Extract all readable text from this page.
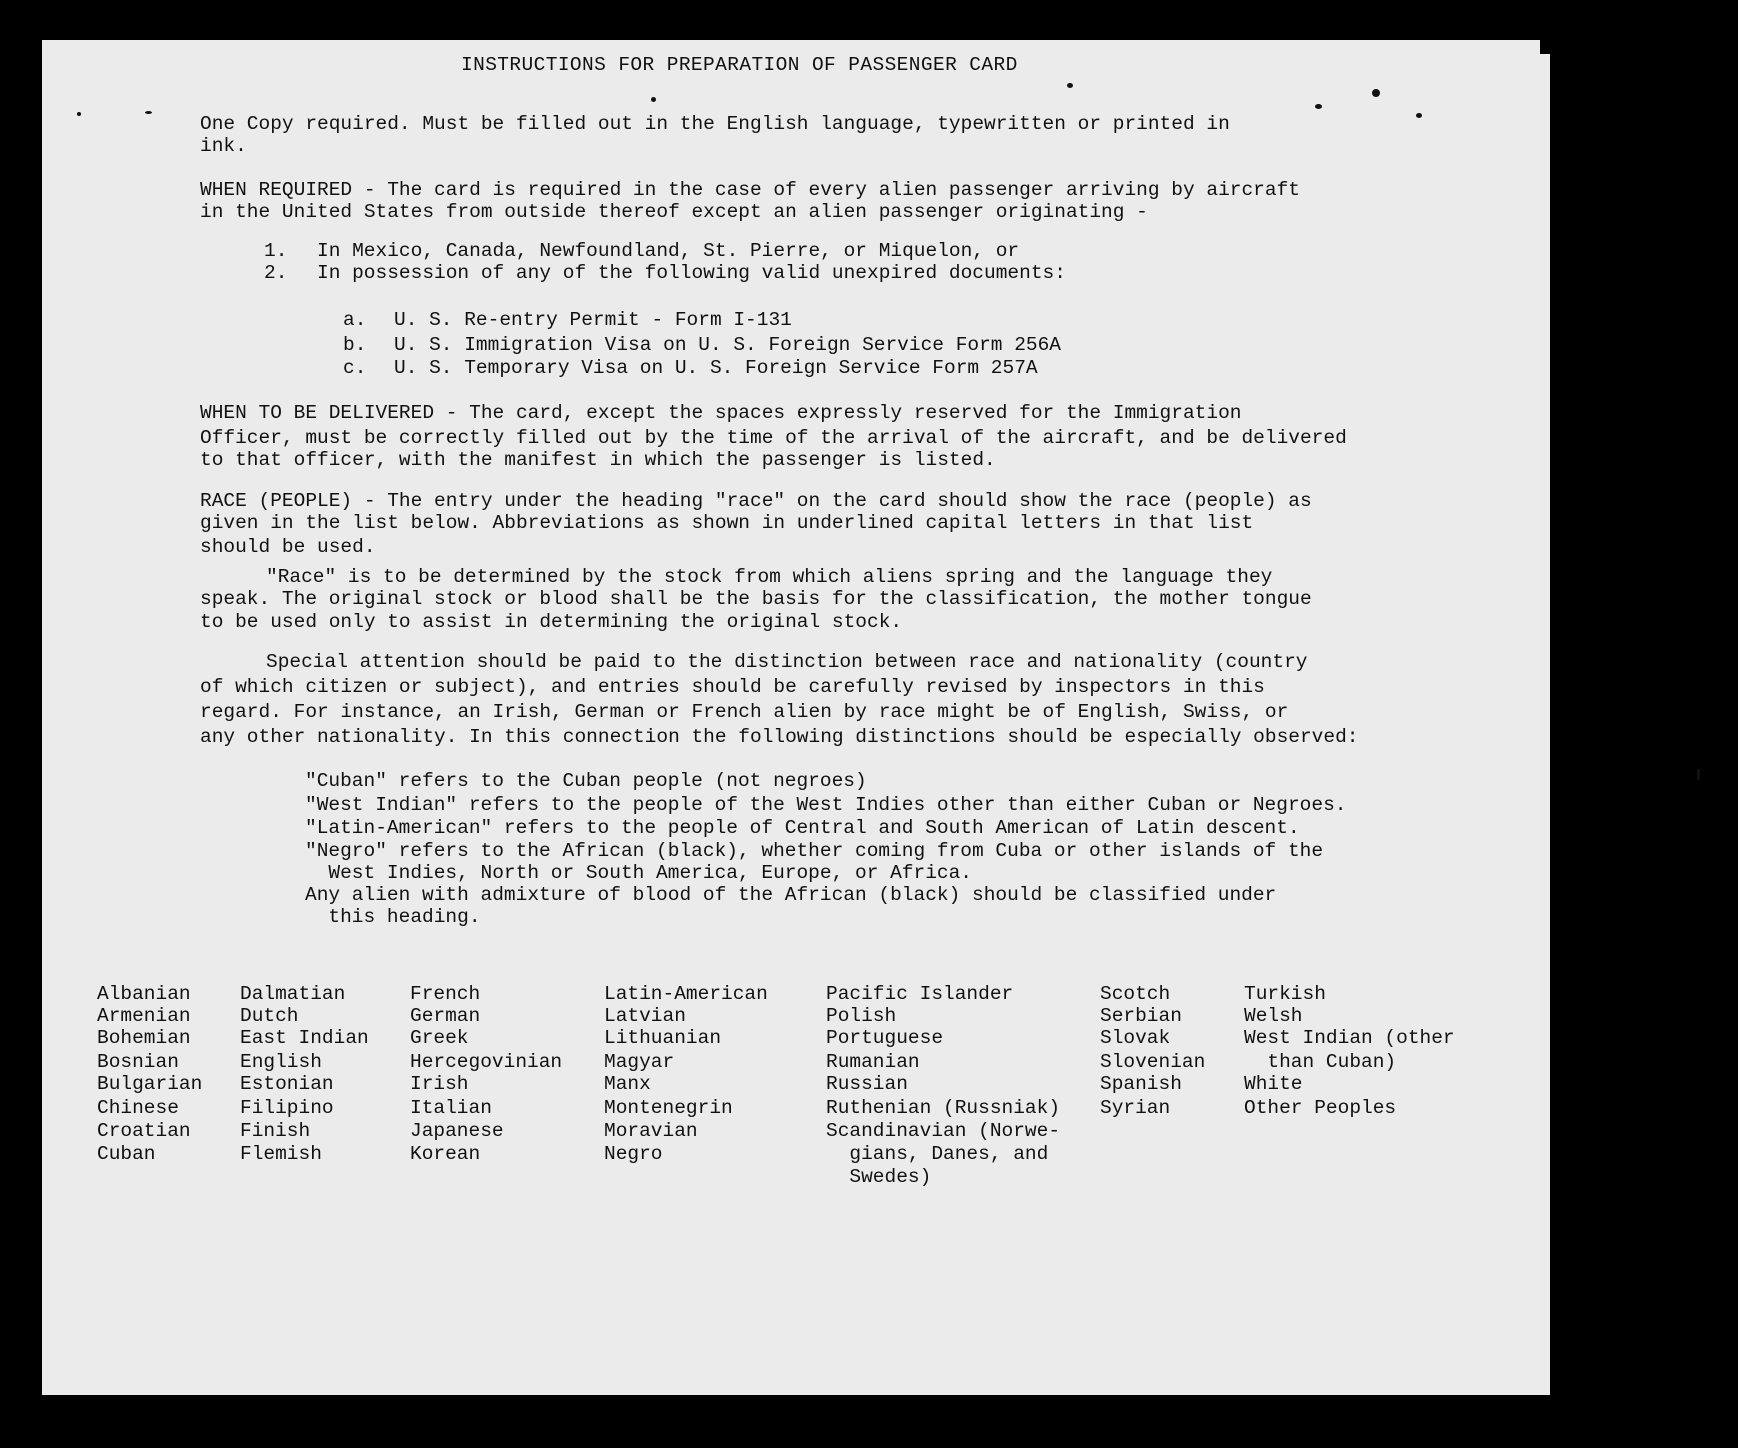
INSTRUCTIONS FOR PREPARATION OF PASSENGER CARD
One Copy required. Must be filled out in the English language, typewritten or printed in
ink.
WHEN REQUIRED - The card is required in the case of every alien passenger arriving by aircraft
in the United States from outside thereof except an alien passenger originating -
1. In Mexico, Canada, Newfoundland, St. Pierre, or Miquelon, or
2. In possession of any of the following valid unexpired documents:
a. U. S. Re-entry Permit - Form I-131
b. U. S. Immigration Visa on U. S. Foreign Service Form 256A
c. U. S. Temporary Visa on U. S. Foreign Service Form 257A
WHEN TO BE DELIVERED - The card, except the spaces expressly reserved for the Immigration
Officer, must be correctly filled out by the time of the arrival of the aircraft, and be delivered
to that officer, with the manifest in which the passenger is listed.
RACE (PEOPLE) - The entry under the heading "race" on the card should show the race (people) as
given in the list below. Abbreviations as shown in underlined capital letters in that list
should be used.
"Race" is to be determined by the stock from which aliens spring and the language they
speak. The original stock or blood shall be the basis for the classification, the mother tongue
to be used only to assist in determining the original stock.
Special attention should be paid to the distinction between race and nationality (country
of which citizen or subject), and entries should be carefully revised by inspectors in this
regard. For instance, an Irish, German or French alien by race might be of English, Swiss, or
any other nationality. In this connection the following distinctions should be especially observed:
"Cuban" refers to the Cuban people (not negroes)
"West Indian" refers to the people of the West Indies other than either Cuban or Negroes.
"Latin-American" refers to the people of Central and South American of Latin descent.
"Negro" refers to the African (black), whether coming from Cuba or other islands of the
West Indies, North or South America, Europe, or Africa.
Any alien with admixture of blood of the African (black) should be classified under
this heading.
Albanian
Armenian
Bohemian
Bosnian
Bulgarian
Chinese
Croatian
Cuban
Dalmatian
Dutch
East Indian
English
Estonian
Filipino
Finish
Flemish
French
German
Greek
Hercegovinian
Irish
Italian
Japanese
Korean
Latin-American
Latvian
Lithuanian
Magyar
Manx
Montenegrin
Moravian
Negro
Pacific Islander
Polish
Portuguese
Rumanian
Russian
Ruthenian (Russniak)
Scandinavian (Norwe-
gians, Danes, and
Swedes)
Scotch
Serbian
Slovak
Slovenian
Spanish
Syrian
Turkish
Welsh
West Indian (other
than Cuban)
White
Other Peoples
